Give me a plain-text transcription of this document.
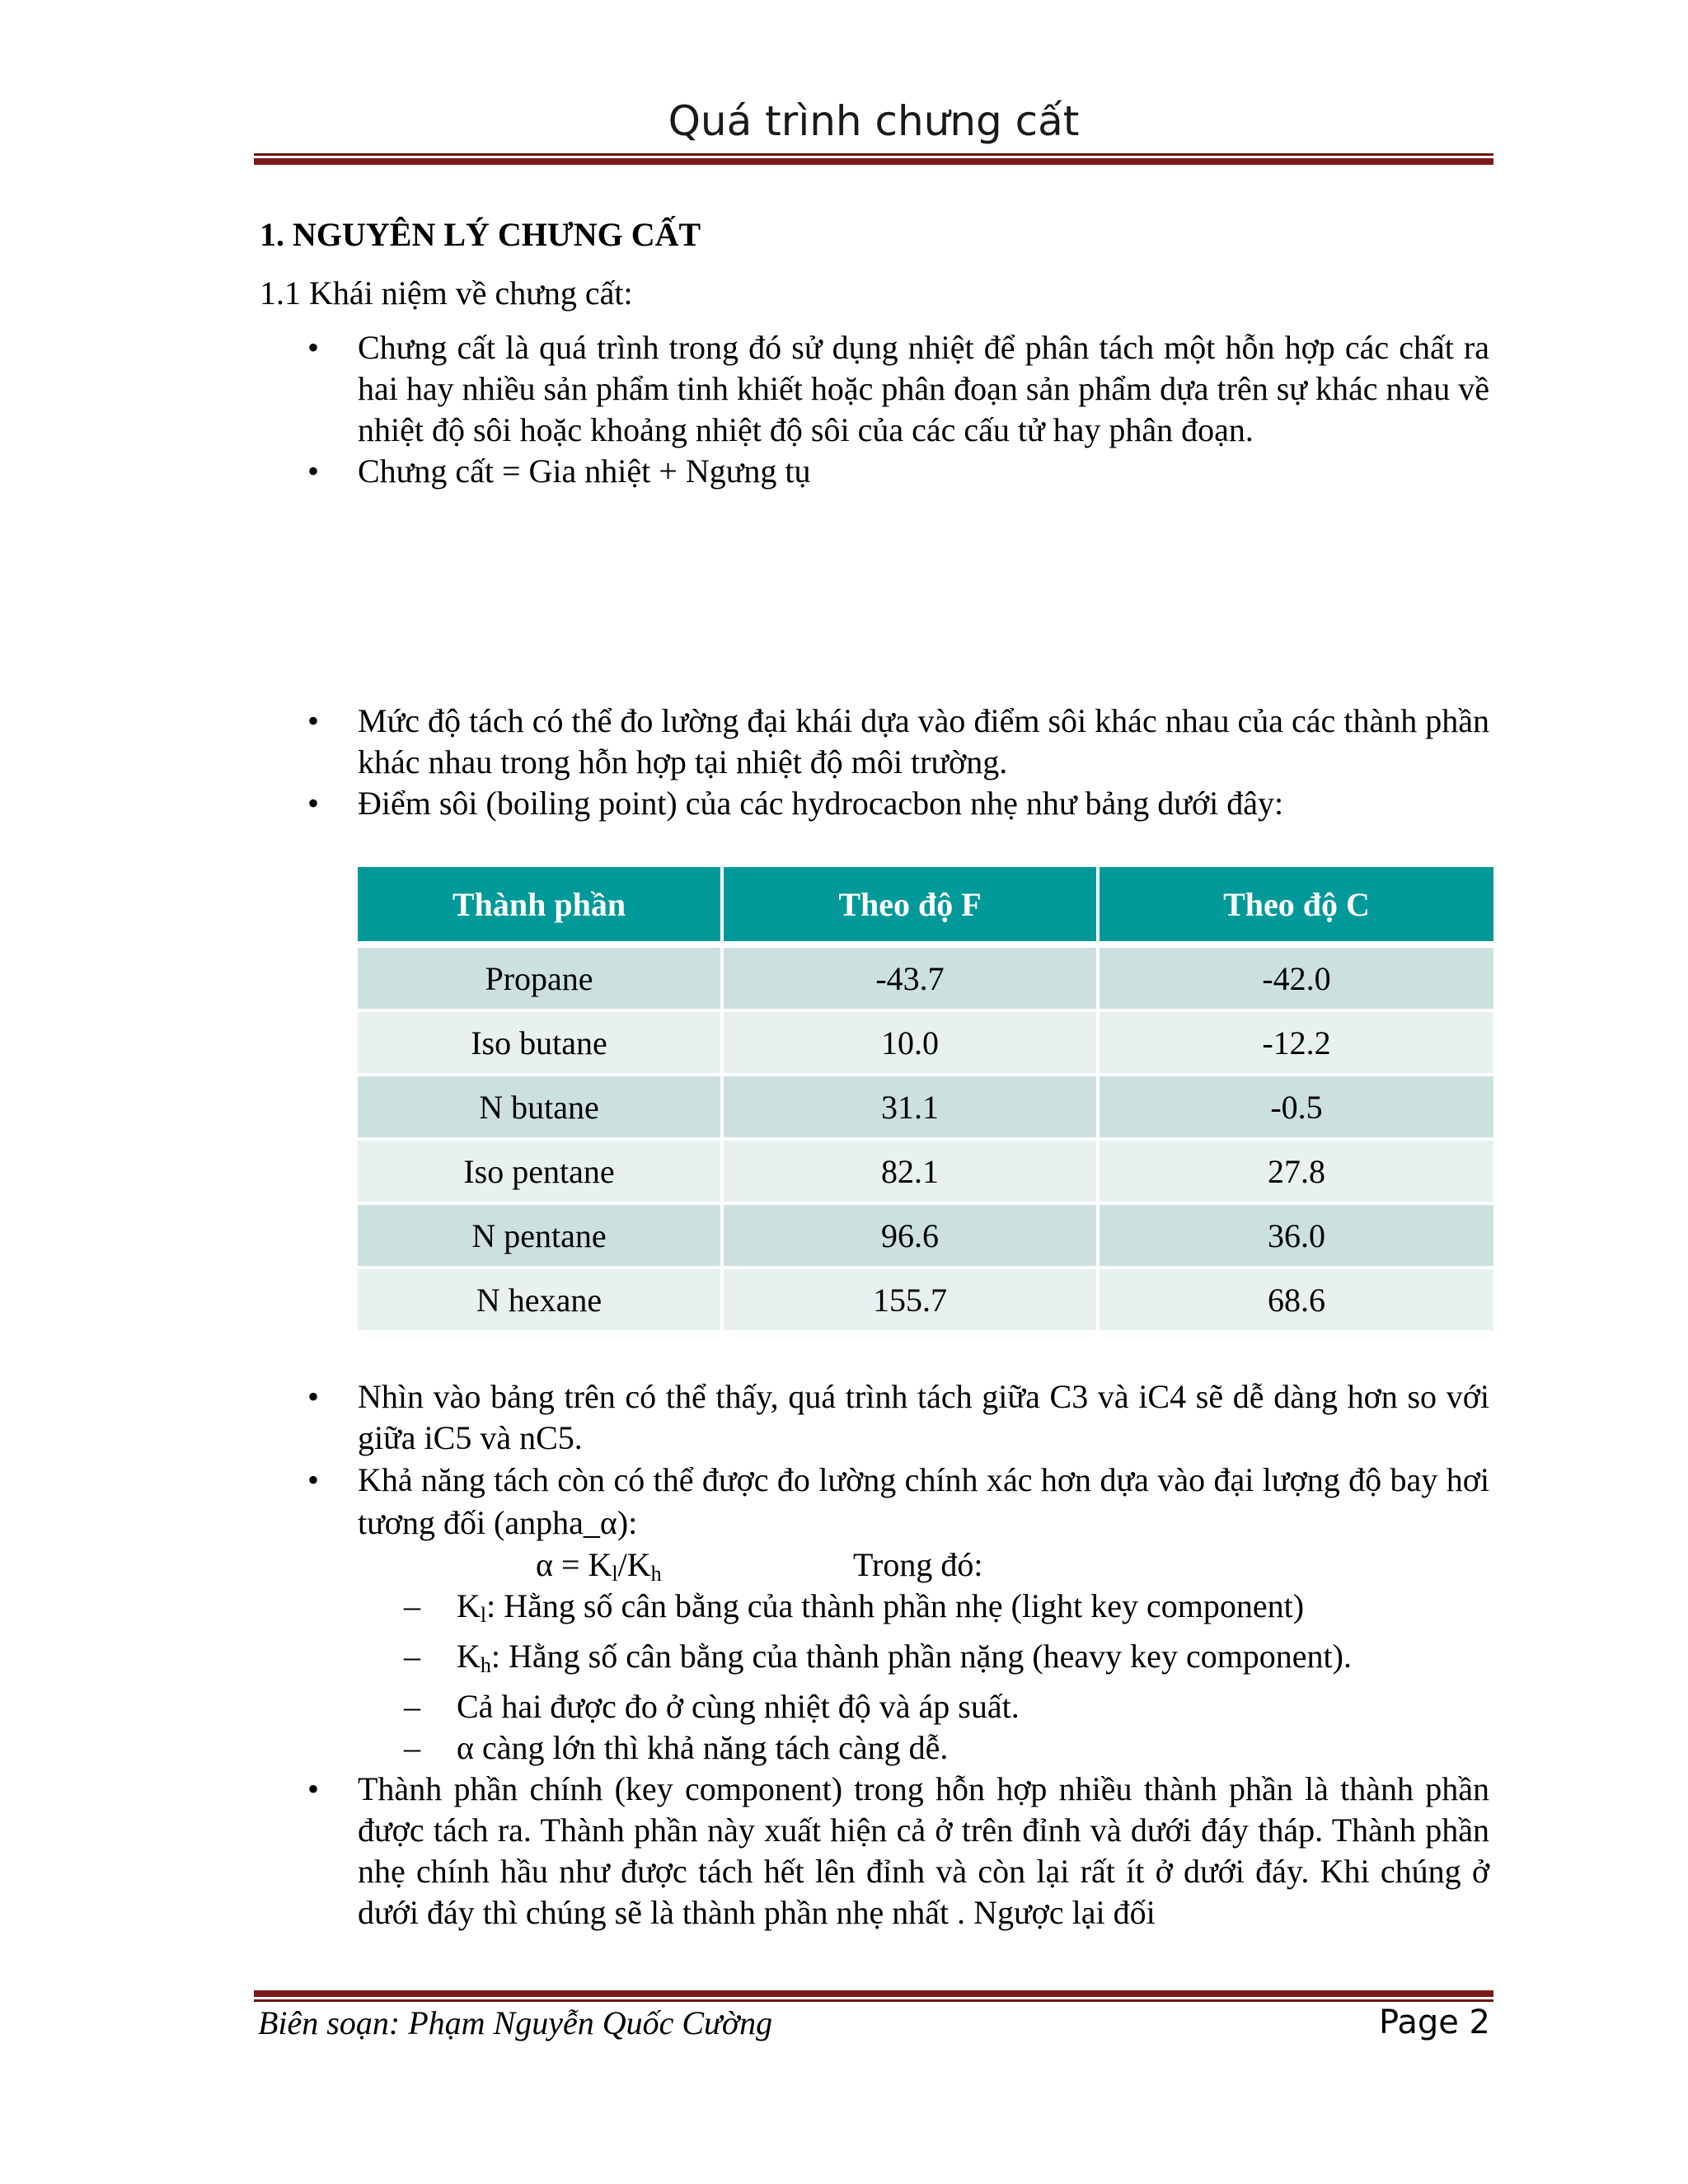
Quá trình chưng cất
1. NGUYÊN LÝ CHƯNG CẤT
1.1 Khái niệm về chưng cất:
• Chưng cất là quá trình trong đó sử dụng nhiệt để phân tách một hỗn hợp các chất ra hai hay nhiều sản phẩm tinh khiết hoặc phân đoạn sản phẩm dựa trên sự khác nhau về nhiệt độ sôi hoặc khoảng nhiệt độ sôi của các cấu tử hay phân đoạn.
• Chưng cất = Gia nhiệt + Ngưng tụ
• Mức độ tách có thể đo lường đại khái dựa vào điểm sôi khác nhau của các thành phần khác nhau trong hỗn hợp tại nhiệt độ môi trường.
• Điểm sôi (boiling point) của các hydrocacbon nhẹ như bảng dưới đây:
Thành phần	Theo độ F	Theo độ C
Propane	-43.7	-42.0
Iso butane	10.0	-12.2
N butane	31.1	-0.5
Iso pentane	82.1	27.8
N pentane	96.6	36.0
N hexane	155.7	68.6
• Nhìn vào bảng trên có thể thấy, quá trình tách giữa C3 và iC4 sẽ dễ dàng hơn so với giữa iC5 và nC5.
• Khả năng tách còn có thể được đo lường chính xác hơn dựa vào đại lượng độ bay hơi tương đối (anpha_α):
$\alpha = K_l/K_h$	Trong đó:
– $K_l$: Hằng số cân bằng của thành phần nhẹ (light key component)
– $K_h$: Hằng số cân bằng của thành phần nặng (heavy key component).
– Cả hai được đo ở cùng nhiệt độ và áp suất.
– α càng lớn thì khả năng tách càng dễ.
• Thành phần chính (key component) trong hỗn hợp nhiều thành phần là thành phần được tách ra. Thành phần này xuất hiện cả ở trên đỉnh và dưới đáy tháp. Thành phần nhẹ chính hầu như được tách hết lên đỉnh và còn lại rất ít ở dưới đáy. Khi chúng ở dưới đáy thì chúng sẽ là thành phần nhẹ nhất . Ngược lại đối
Biên soạn: Phạm Nguyễn Quốc Cường	Page 2
